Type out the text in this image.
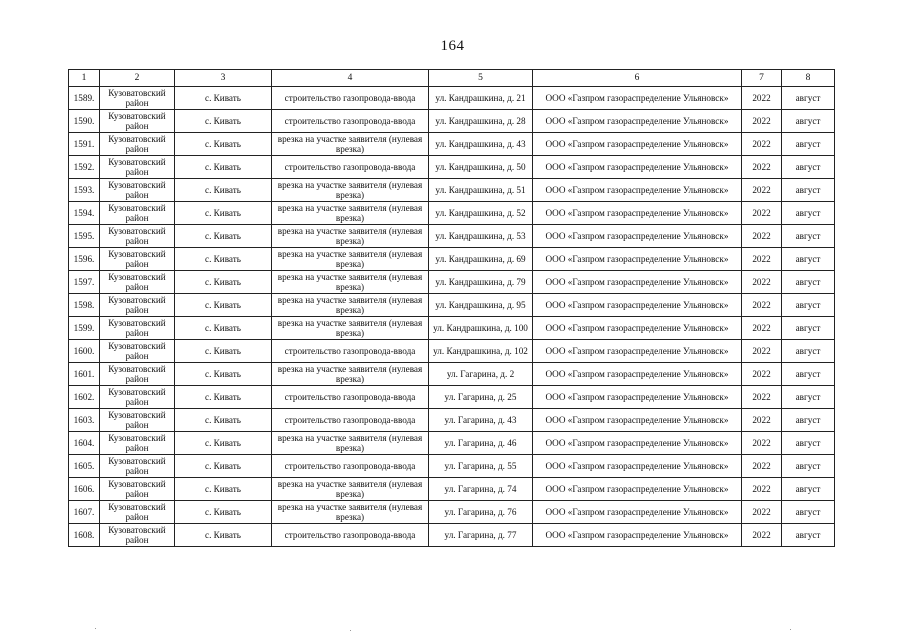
164
1	2	3	4	5	6	7	8
1589.	Кузоватовский район	с. Кивать	строительство газопровода-ввода	ул. Кандрашкина, д. 21	ООО «Газпром газораспределение Ульяновск»	2022	август
1590.	Кузоватовский район	с. Кивать	строительство газопровода-ввода	ул. Кандрашкина, д. 28	ООО «Газпром газораспределение Ульяновск»	2022	август
1591.	Кузоватовский район	с. Кивать	врезка на участке заявителя (нулевая врезка)	ул. Кандрашкина, д. 43	ООО «Газпром газораспределение Ульяновск»	2022	август
1592.	Кузоватовский район	с. Кивать	строительство газопровода-ввода	ул. Кандрашкина, д. 50	ООО «Газпром газораспределение Ульяновск»	2022	август
1593.	Кузоватовский район	с. Кивать	врезка на участке заявителя (нулевая врезка)	ул. Кандрашкина, д. 51	ООО «Газпром газораспределение Ульяновск»	2022	август
1594.	Кузоватовский район	с. Кивать	врезка на участке заявителя (нулевая врезка)	ул. Кандрашкина, д. 52	ООО «Газпром газораспределение Ульяновск»	2022	август
1595.	Кузоватовский район	с. Кивать	врезка на участке заявителя (нулевая врезка)	ул. Кандрашкина, д. 53	ООО «Газпром газораспределение Ульяновск»	2022	август
1596.	Кузоватовский район	с. Кивать	врезка на участке заявителя (нулевая врезка)	ул. Кандрашкина, д. 69	ООО «Газпром газораспределение Ульяновск»	2022	август
1597.	Кузоватовский район	с. Кивать	врезка на участке заявителя (нулевая врезка)	ул. Кандрашкина, д. 79	ООО «Газпром газораспределение Ульяновск»	2022	август
1598.	Кузоватовский район	с. Кивать	врезка на участке заявителя (нулевая врезка)	ул. Кандрашкина, д. 95	ООО «Газпром газораспределение Ульяновск»	2022	август
1599.	Кузоватовский район	с. Кивать	врезка на участке заявителя (нулевая врезка)	ул. Кандрашкина, д. 100	ООО «Газпром газораспределение Ульяновск»	2022	август
1600.	Кузоватовский район	с. Кивать	строительство газопровода-ввода	ул. Кандрашкина, д. 102	ООО «Газпром газораспределение Ульяновск»	2022	август
1601.	Кузоватовский район	с. Кивать	врезка на участке заявителя (нулевая врезка)	ул. Гагарина, д. 2	ООО «Газпром газораспределение Ульяновск»	2022	август
1602.	Кузоватовский район	с. Кивать	строительство газопровода-ввода	ул. Гагарина, д. 25	ООО «Газпром газораспределение Ульяновск»	2022	август
1603.	Кузоватовский район	с. Кивать	строительство газопровода-ввода	ул. Гагарина, д. 43	ООО «Газпром газораспределение Ульяновск»	2022	август
1604.	Кузоватовский район	с. Кивать	врезка на участке заявителя (нулевая врезка)	ул. Гагарина, д. 46	ООО «Газпром газораспределение Ульяновск»	2022	август
1605.	Кузоватовский район	с. Кивать	строительство газопровода-ввода	ул. Гагарина, д. 55	ООО «Газпром газораспределение Ульяновск»	2022	август
1606.	Кузоватовский район	с. Кивать	врезка на участке заявителя (нулевая врезка)	ул. Гагарина, д. 74	ООО «Газпром газораспределение Ульяновск»	2022	август
1607.	Кузоватовский район	с. Кивать	врезка на участке заявителя (нулевая врезка)	ул. Гагарина, д. 76	ООО «Газпром газораспределение Ульяновск»	2022	август
1608.	Кузоватовский район	с. Кивать	строительство газопровода-ввода	ул. Гагарина, д. 77	ООО «Газпром газораспределение Ульяновск»	2022	август
